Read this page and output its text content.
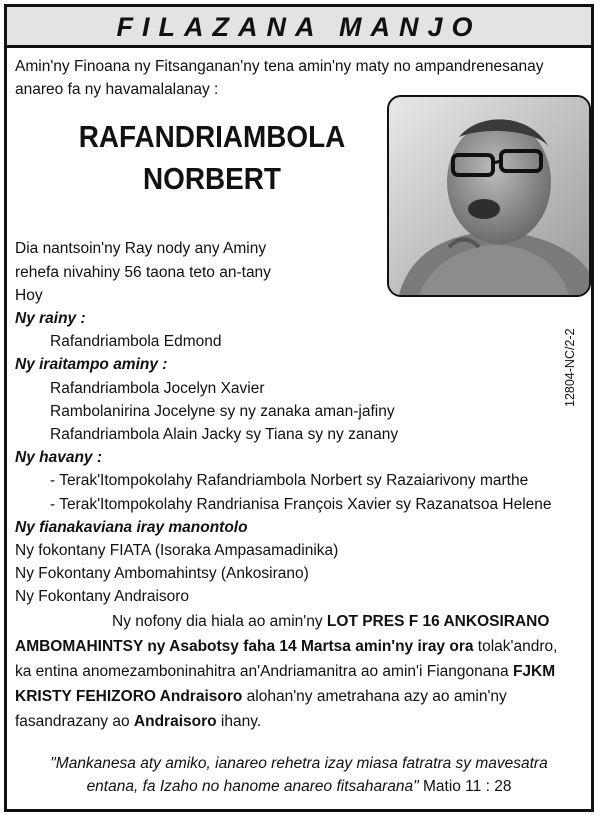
FILAZANA MANJO
Amin'ny Finoana ny Fitsanganan'ny tena amin'ny maty no ampandrenesanay
anareo fa ny havamalalanay :
RAFANDRIAMBOLA
NORBERT
Dia nantsoin'ny Ray nody any Aminy
rehefa nivahiny 56 taona teto an-tany
Hoy
Ny rainy :
Rafandriambola Edmond
Ny iraitampo aminy :
Rafandriambola Jocelyn Xavier
Rambolanirina Jocelyne sy ny zanaka aman-jafiny
Rafandriambola Alain Jacky sy Tiana sy ny zanany
Ny havany :
- Terak'Itompokolahy Rafandriambola Norbert sy Razaiarivony marthe
- Terak'Itompokolahy Randrianisa François Xavier sy Razanatsoa Helene
Ny fianakaviana iray manontolo
Ny fokontany FIATA (Isoraka Ampasamadinika)
Ny Fokontany Ambomahintsy (Ankosirano)
Ny Fokontany Andraisoro
Ny nofony dia hiala ao amin'ny LOT PRES F 16 ANKOSIRANO
AMBOMAHINTSY ny Asabotsy faha 14 Martsa amin'ny iray ora tolak'andro,
ka entina anomezamboninahitra an'Andriamanitra ao amin'i Fiangonana FJKM
KRISTY FEHIZORO Andraisoro alohan'ny ametrahana azy ao amin'ny
fasandrazany ao Andraisoro ihany.
"Mankanesa aty amiko, ianareo rehetra izay miasa fatratra sy mavesatra
entana, fa Izaho no hanome anareo fitsaharana" Matio 11 : 28
12804-NC/2-2
